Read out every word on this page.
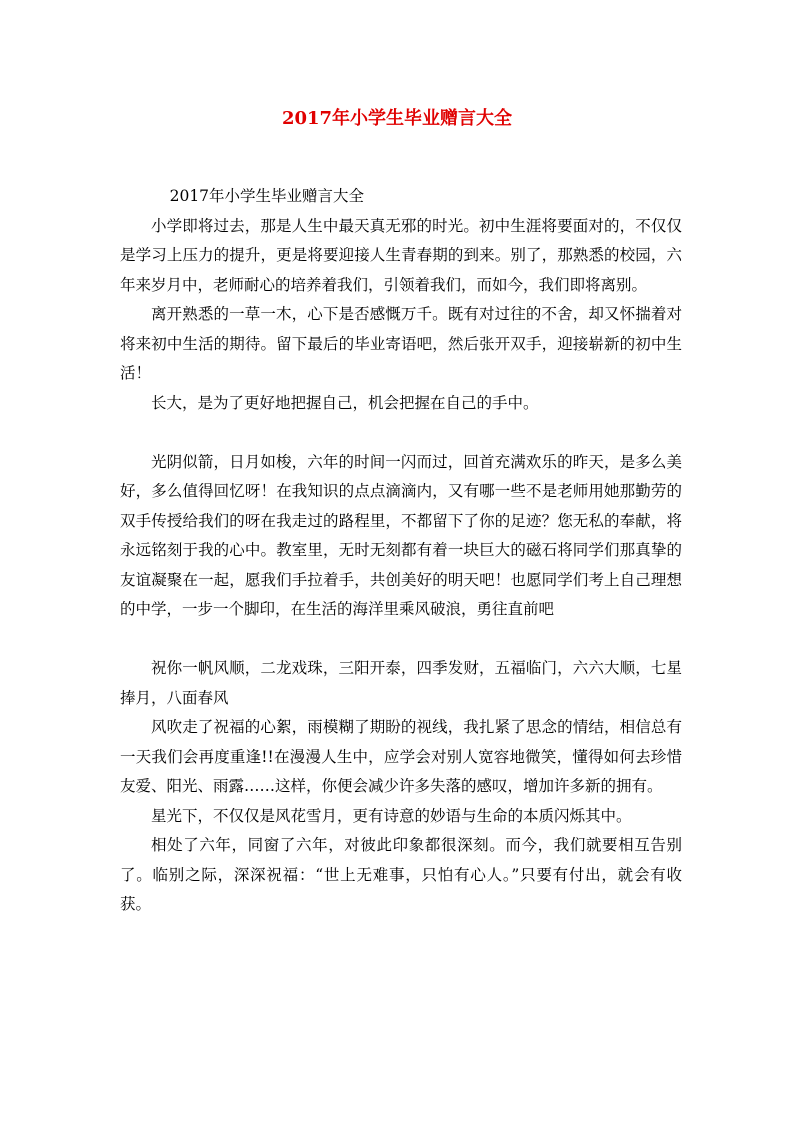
2017年小学生毕业赠言大全

2017年小学生毕业赠言大全

小学即将过去，那是人生中最天真无邪的时光。初中生涯将要面对的，不仅仅是学习上压力的提升，更是将要迎接人生青春期的到来。别了，那熟悉的校园，六年来岁月中，老师耐心的培养着我们，引领着我们，而如今，我们即将离别。

离开熟悉的一草一木，心下是否感慨万千。既有对过往的不舍，却又怀揣着对将来初中生活的期待。留下最后的毕业寄语吧，然后张开双手，迎接崭新的初中生活！

长大，是为了更好地把握自己，机会把握在自己的手中。

光阴似箭，日月如梭，六年的时间一闪而过，回首充满欢乐的昨天，是多么美好，多么值得回忆呀！在我知识的点点滴滴内，又有哪一些不是老师用她那勤劳的双手传授给我们的呀在我走过的路程里，不都留下了你的足迹？您无私的奉献，将永远铭刻于我的心中。教室里，无时无刻都有着一块巨大的磁石将同学们那真挚的友谊凝聚在一起，愿我们手拉着手，共创美好的明天吧！也愿同学们考上自己理想的中学，一步一个脚印，在生活的海洋里乘风破浪，勇往直前吧

祝你一帆风顺，二龙戏珠，三阳开泰，四季发财，五福临门，六六大顺，七星捧月，八面春风

风吹走了祝福的心絮，雨模糊了期盼的视线，我扎紧了思念的情结，相信总有一天我们会再度重逢!!在漫漫人生中，应学会对别人宽容地微笑，懂得如何去珍惜友爱、阳光、雨露……这样，你便会减少许多失落的感叹，增加许多新的拥有。

星光下，不仅仅是风花雪月，更有诗意的妙语与生命的本质闪烁其中。

相处了六年，同窗了六年，对彼此印象都很深刻。而今，我们就要相互告别了。临别之际，深深祝福：“世上无难事，只怕有心人。”只要有付出，就会有收获。
